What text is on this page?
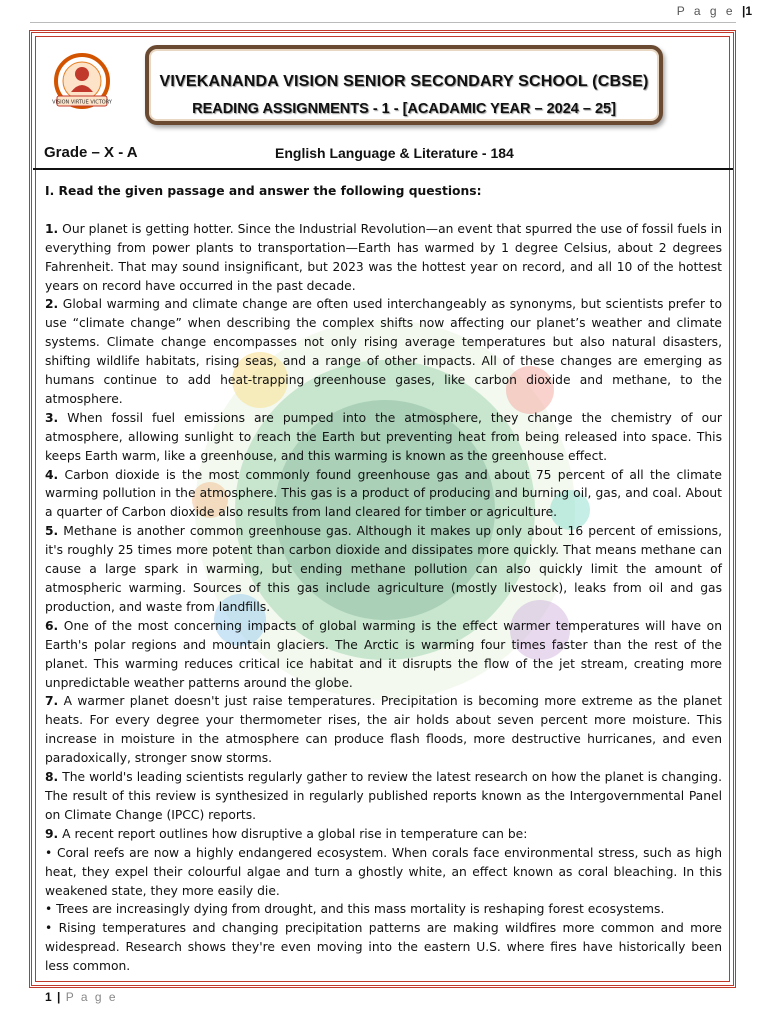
P a g e |1
VISION VIRTUE VICTORY
VIVEKANANDA VISION SENIOR SECONDARY SCHOOL (CBSE)
READING ASSIGNMENTS - 1 - [ACADAMIC YEAR – 2024 – 25]
Grade – X - A	English Language & Literature - 184

I. Read the given passage and answer the following questions:

1. Our planet is getting hotter. Since the Industrial Revolution—an event that spurred the use of fossil fuels in everything from power plants to transportation—Earth has warmed by 1 degree Celsius, about 2 degrees Fahrenheit. That may sound insignificant, but 2023 was the hottest year on record, and all 10 of the hottest years on record have occurred in the past decade.

2. Global warming and climate change are often used interchangeably as synonyms, but scientists prefer to use “climate change” when describing the complex shifts now affecting our planet’s weather and climate systems. Climate change encompasses not only rising average temperatures but also natural disasters, shifting wildlife habitats, rising seas, and a range of other impacts. All of these changes are emerging as humans continue to add heat-trapping greenhouse gases, like carbon dioxide and methane, to the atmosphere.

3. When fossil fuel emissions are pumped into the atmosphere, they change the chemistry of our atmosphere, allowing sunlight to reach the Earth but preventing heat from being released into space. This keeps Earth warm, like a greenhouse, and this warming is known as the greenhouse effect.

4. Carbon dioxide is the most commonly found greenhouse gas and about 75 percent of all the climate warming pollution in the atmosphere. This gas is a product of producing and burning oil, gas, and coal. About a quarter of Carbon dioxide also results from land cleared for timber or agriculture.

5. Methane is another common greenhouse gas. Although it makes up only about 16 percent of emissions, it's roughly 25 times more potent than carbon dioxide and dissipates more quickly. That means methane can cause a large spark in warming, but ending methane pollution can also quickly limit the amount of atmospheric warming. Sources of this gas include agriculture (mostly livestock), leaks from oil and gas production, and waste from landfills.

6. One of the most concerning impacts of global warming is the effect warmer temperatures will have on Earth's polar regions and mountain glaciers. The Arctic is warming four times faster than the rest of the planet. This warming reduces critical ice habitat and it disrupts the flow of the jet stream, creating more unpredictable weather patterns around the globe.

7. A warmer planet doesn't just raise temperatures. Precipitation is becoming more extreme as the planet heats. For every degree your thermometer rises, the air holds about seven percent more moisture. This increase in moisture in the atmosphere can produce flash floods, more destructive hurricanes, and even paradoxically, stronger snow storms.

8. The world's leading scientists regularly gather to review the latest research on how the planet is changing. The result of this review is synthesized in regularly published reports known as the Intergovernmental Panel on Climate Change (IPCC) reports.

9. A recent report outlines how disruptive a global rise in temperature can be:

• Coral reefs are now a highly endangered ecosystem. When corals face environmental stress, such as high heat, they expel their colourful algae and turn a ghostly white, an effect known as coral bleaching. In this weakened state, they more easily die.

• Trees are increasingly dying from drought, and this mass mortality is reshaping forest ecosystems.

• Rising temperatures and changing precipitation patterns are making wildfires more common and more widespread. Research shows they're even moving into the eastern U.S. where fires have historically been less common.

1 | P a g e
